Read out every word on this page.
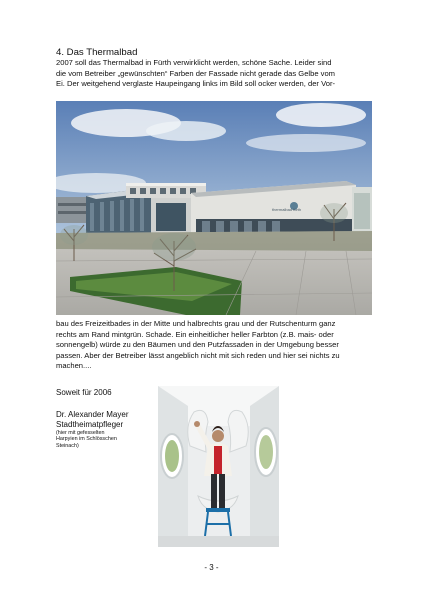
4. Das Thermalbad

2007 soll das Thermalbad in Fürth verwirklicht werden, schöne Sache. Leider sind
die vom Betreiber „gewünschten“ Farben der Fassade nicht gerade das Gelbe vom
Ei. Der weitgehend verglaste Haupeingang links im Bild soll ocker werden, der Vor-

thermalbad fürth

bau des Freizeitbades in der Mitte und halbrechts grau und der Rutschenturm ganz
rechts am Rand mintgrün. Schade. Ein einheitlicher heller Farbton (z.B. mais- oder
sonnengelb) würde zu den Bäumen und den Putzfassaden in der Umgebung besser
passen. Aber der Betreiber lässt angeblich nicht mit sich reden und hier sei nichts zu
machen....

Soweit für 2006

Dr. Alexander Mayer

Stadtheimatpfleger

(hier mit gefesselten
Harpyien im Schlösschen
Steinach)

- 3 -
